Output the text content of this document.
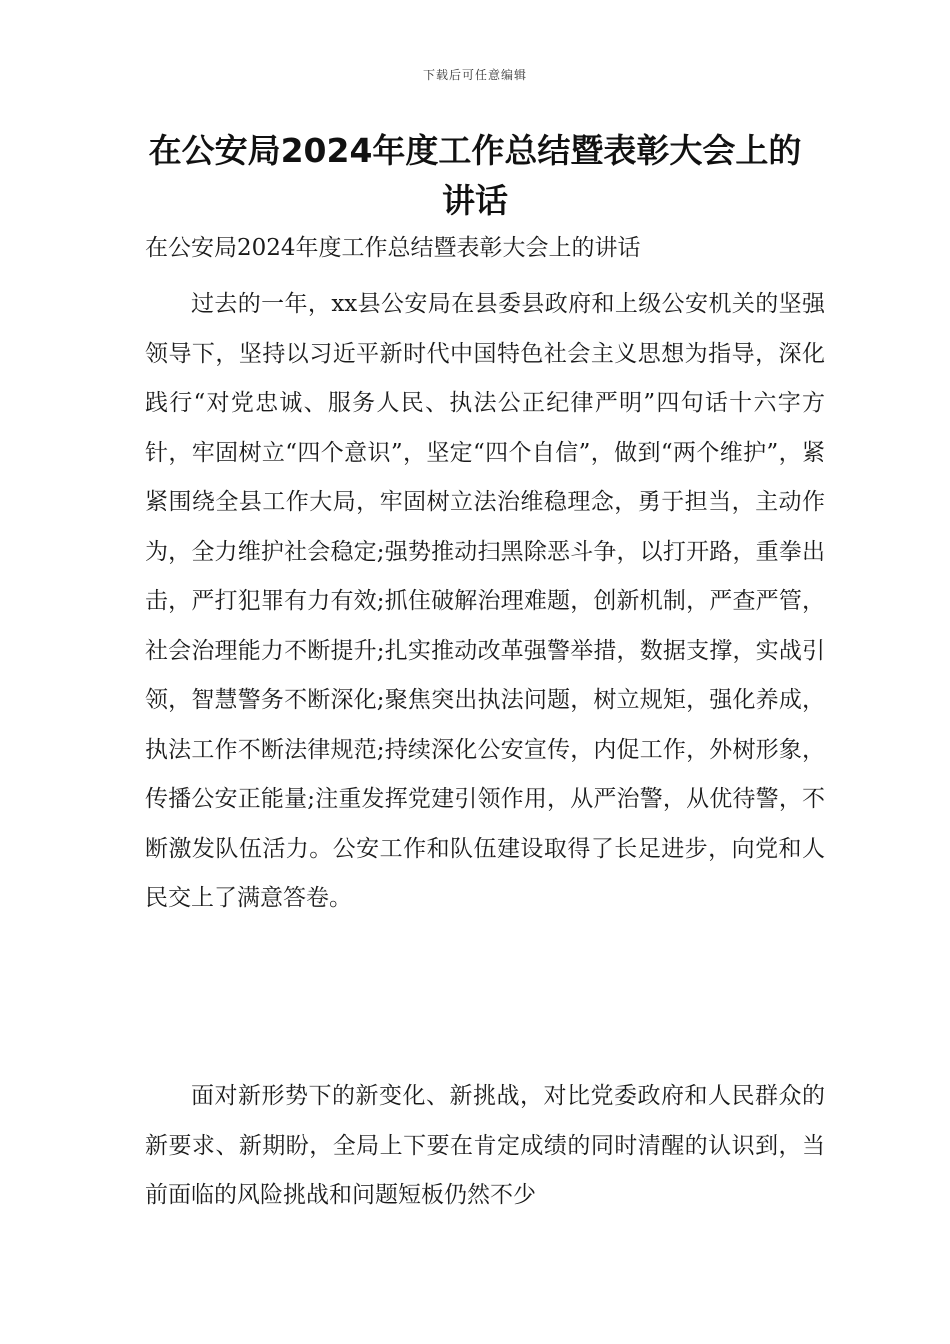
下载后可任意编辑
在公安局2024年度工作总结暨表彰大会上的讲话

在公安局2024年度工作总结暨表彰大会上的讲话

过去的一年，xx县公安局在县委县政府和上级公安机关的坚强领导下，坚持以习近平新时代中国特色社会主义思想为指导，深化践行“对党忠诚、服务人民、执法公正纪律严明”四句话十六字方针，牢固树立“四个意识”，坚定“四个自信”，做到“两个维护”，紧紧围绕全县工作大局，牢固树立法治维稳理念，勇于担当，主动作为，全力维护社会稳定;强势推动扫黑除恶斗争，以打开路，重拳出击，严打犯罪有力有效;抓住破解治理难题，创新机制，严查严管，社会治理能力不断提升;扎实推动改革强警举措，数据支撑，实战引领，智慧警务不断深化;聚焦突出执法问题，树立规矩，强化养成，执法工作不断法律规范;持续深化公安宣传，内促工作，外树形象，传播公安正能量;注重发挥党建引领作用，从严治警，从优待警，不断激发队伍活力。公安工作和队伍建设取得了长足进步，向党和人民交上了满意答卷。

面对新形势下的新变化、新挑战，对比党委政府和人民群众的新要求、新期盼，全局上下要在肯定成绩的同时清醒的认识到，当前面临的风险挑战和问题短板仍然不少
